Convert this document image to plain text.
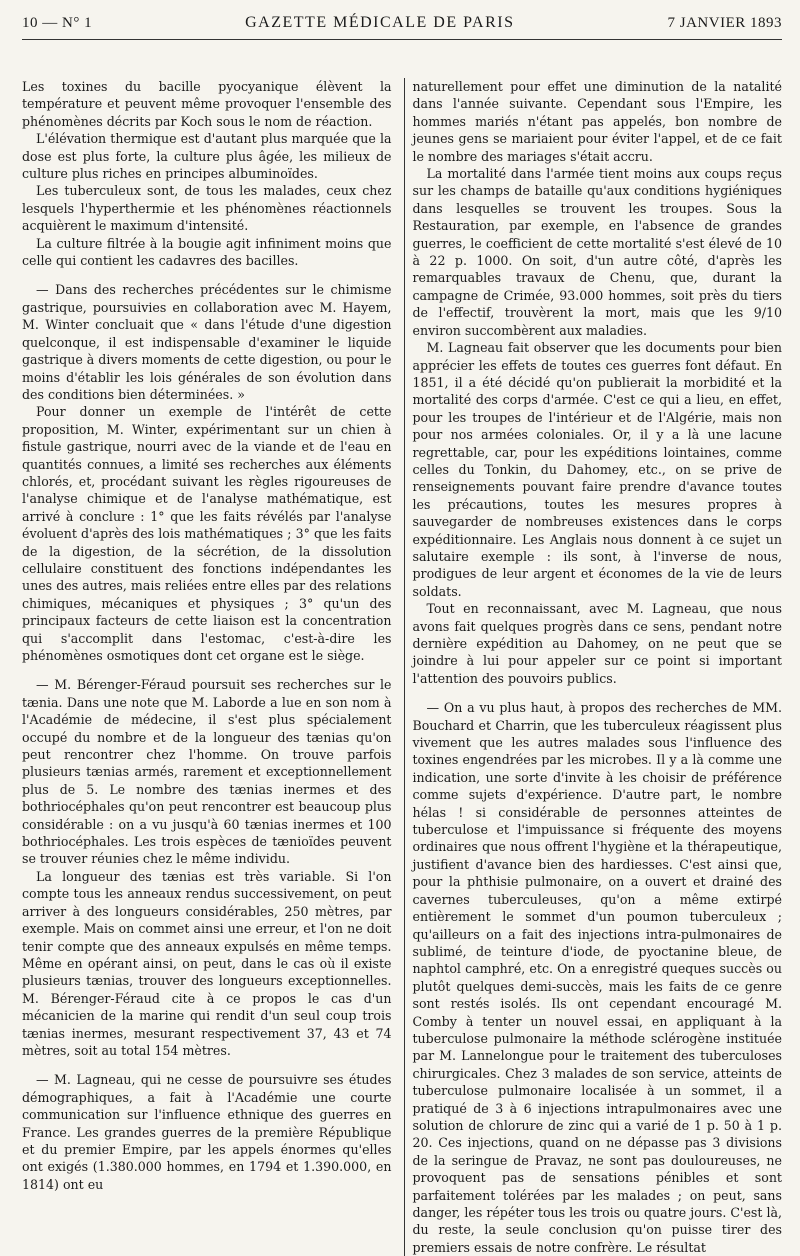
10 — N° 1	GAZETTE MÉDICALE DE PARIS	7 JANVIER 1893

Les toxines du bacille pyocyanique élèvent la température et peuvent même provoquer l'ensemble des phénomènes décrits par Koch sous le nom de réaction.

L'élévation thermique est d'autant plus marquée que la dose est plus forte, la culture plus âgée, les milieux de culture plus riches en principes albuminoïdes.

Les tuberculeux sont, de tous les malades, ceux chez lesquels l'hyperthermie et les phénomènes réactionnels acquièrent le maximum d'intensité.

La culture filtrée à la bougie agit infiniment moins que celle qui contient les cadavres des bacilles.

— Dans des recherches précédentes sur le chimisme gastrique, poursuivies en collaboration avec M. Hayem, M. Winter concluait que « dans l'étude d'une digestion quelconque, il est indispensable d'examiner le liquide gastrique à divers moments de cette digestion, ou pour le moins d'établir les lois générales de son évolution dans des conditions bien déterminées. »

Pour donner un exemple de l'intérêt de cette proposition, M. Winter, expérimentant sur un chien à fistule gastrique, nourri avec de la viande et de l'eau en quantités connues, a limité ses recherches aux éléments chlorés, et, procédant suivant les règles rigoureuses de l'analyse chimique et de l'analyse mathématique, est arrivé à conclure : 1° que les faits révélés par l'analyse évoluent d'après des lois mathématiques ; 3° que les faits de la digestion, de la sécrétion, de la dissolution cellulaire constituent des fonctions indépendantes les unes des autres, mais reliées entre elles par des relations chimiques, mécaniques et physiques ; 3° qu'un des principaux facteurs de cette liaison est la concentration qui s'accomplit dans l'estomac, c'est-à-dire les phénomènes osmotiques dont cet organe est le siège.

— M. Bérenger-Féraud poursuit ses recherches sur le tænia. Dans une note que M. Laborde a lue en son nom à l'Académie de médecine, il s'est plus spécialement occupé du nombre et de la longueur des tænias qu'on peut rencontrer chez l'homme. On trouve parfois plusieurs tænias armés, rarement et exceptionnellement plus de 5. Le nombre des tænias inermes et des bothriocéphales qu'on peut rencontrer est beaucoup plus considérable : on a vu jusqu'à 60 tænias inermes et 100 bothriocéphales. Les trois espèces de tænioïdes peuvent se trouver réunies chez le même individu.

La longueur des tænias est très variable. Si l'on compte tous les anneaux rendus successivement, on peut arriver à des longueurs considérables, 250 mètres, par exemple. Mais on commet ainsi une erreur, et l'on ne doit tenir compte que des anneaux expulsés en même temps. Même en opérant ainsi, on peut, dans le cas où il existe plusieurs tænias, trouver des longueurs exceptionnelles. M. Bérenger-Féraud cite à ce propos le cas d'un mécanicien de la marine qui rendit d'un seul coup trois tænias inermes, mesurant respectivement 37, 43 et 74 mètres, soit au total 154 mètres.

— M. Lagneau, qui ne cesse de poursuivre ses études démographiques, a fait à l'Académie une courte communication sur l'influence ethnique des guerres en France. Les grandes guerres de la première République et du premier Empire, par les appels énormes qu'elles ont exigés (1.380.000 hommes, en 1794 et 1.390.000, en 1814) ont eu

naturellement pour effet une diminution de la natalité dans l'année suivante. Cependant sous l'Empire, les hommes mariés n'étant pas appelés, bon nombre de jeunes gens se mariaient pour éviter l'appel, et de ce fait le nombre des mariages s'était accru.

La mortalité dans l'armée tient moins aux coups reçus sur les champs de bataille qu'aux conditions hygiéniques dans lesquelles se trouvent les troupes. Sous la Restauration, par exemple, en l'absence de grandes guerres, le coefficient de cette mortalité s'est élevé de 10 à 22 p. 1000. On soit, d'un autre côté, d'après les remarquables travaux de Chenu, que, durant la campagne de Crimée, 93.000 hommes, soit près du tiers de l'effectif, trouvèrent la mort, mais que les 9/10 environ succombèrent aux maladies.

M. Lagneau fait observer que les documents pour bien apprécier les effets de toutes ces guerres font défaut. En 1851, il a été décidé qu'on publierait la morbidité et la mortalité des corps d'armée. C'est ce qui a lieu, en effet, pour les troupes de l'intérieur et de l'Algérie, mais non pour nos armées coloniales. Or, il y a là une lacune regrettable, car, pour les expéditions lointaines, comme celles du Tonkin, du Dahomey, etc., on se prive de renseignements pouvant faire prendre d'avance toutes les précautions, toutes les mesures propres à sauvegarder de nombreuses existences dans le corps expéditionnaire. Les Anglais nous donnent à ce sujet un salutaire exemple : ils sont, à l'inverse de nous, prodigues de leur argent et économes de la vie de leurs soldats.

Tout en reconnaissant, avec M. Lagneau, que nous avons fait quelques progrès dans ce sens, pendant notre dernière expédition au Dahomey, on ne peut que se joindre à lui pour appeler sur ce point si important l'attention des pouvoirs publics.

— On a vu plus haut, à propos des recherches de MM. Bouchard et Charrin, que les tuberculeux réagissent plus vivement que les autres malades sous l'influence des toxines engendrées par les microbes. Il y a là comme une indication, une sorte d'invite à les choisir de préférence comme sujets d'expérience. D'autre part, le nombre hélas ! si considérable de personnes atteintes de tuberculose et l'impuissance si fréquente des moyens ordinaires que nous offrent l'hygiène et la thérapeutique, justifient d'avance bien des hardiesses. C'est ainsi que, pour la phthisie pulmonaire, on a ouvert et drainé des cavernes tuberculeuses, qu'on a même extirpé entièrement le sommet d'un poumon tuberculeux ; qu'ailleurs on a fait des injections intra-pulmonaires de sublimé, de teinture d'iode, de pyoctanine bleue, de naphtol camphré, etc. On a enregistré queques succès ou plutôt quelques demi-succès, mais les faits de ce genre sont restés isolés. Ils ont cependant encouragé M. Comby à tenter un nouvel essai, en appliquant à la tuberculose pulmonaire la méthode sclérogène instituée par M. Lannelongue pour le traitement des tuberculoses chirurgicales. Chez 3 malades de son service, atteints de tuberculose pulmonaire localisée à un sommet, il a pratiqué de 3 à 6 injections intrapulmonaires avec une solution de chlorure de zinc qui a varié de 1 p. 50 à 1 p. 20. Ces injections, quand on ne dépasse pas 3 divisions de la seringue de Pravaz, ne sont pas douloureuses, ne provoquent pas de sensations pénibles et sont parfaitement tolérées par les malades ; on peut, sans danger, les répéter tous les trois ou quatre jours. C'est là, du reste, la seule conclusion qu'on puisse tirer des premiers essais de notre confrère. Le résultat
